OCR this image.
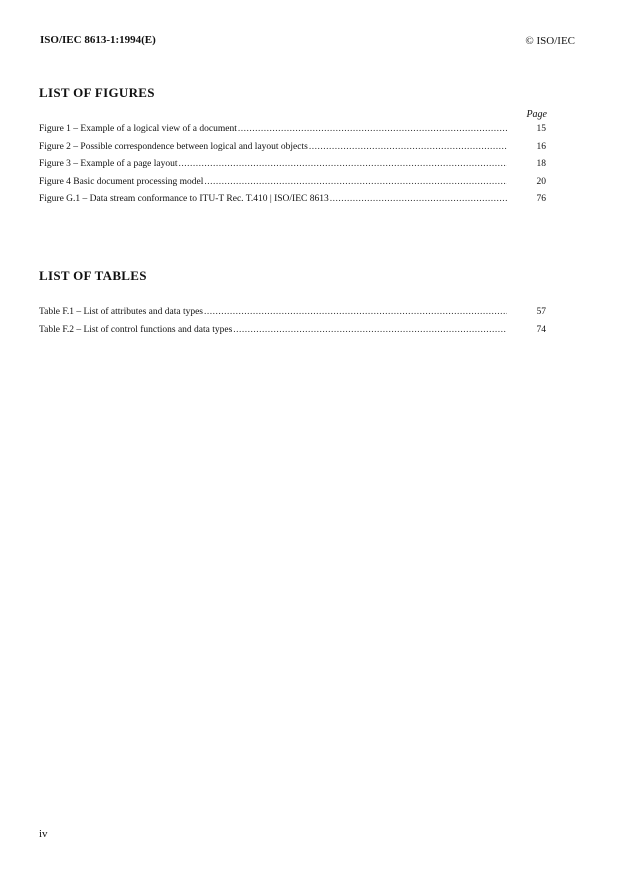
ISO/IEC 8613-1:1994(E)	© ISO/IEC
LIST OF FIGURES
Page
Figure 1 – Example of a logical view of a document .....	15
Figure 2 – Possible correspondence between logical and layout objects .....	16
Figure 3 – Example of a page layout .....	18
Figure 4 Basic document processing model .....	20
Figure G.1 – Data stream conformance to ITU-T Rec. T.410 | ISO/IEC 8613 .....	76
LIST OF TABLES
Table F.1 – List of attributes and data types .....	57
Table F.2 – List of control functions and data types .....	74
iv
